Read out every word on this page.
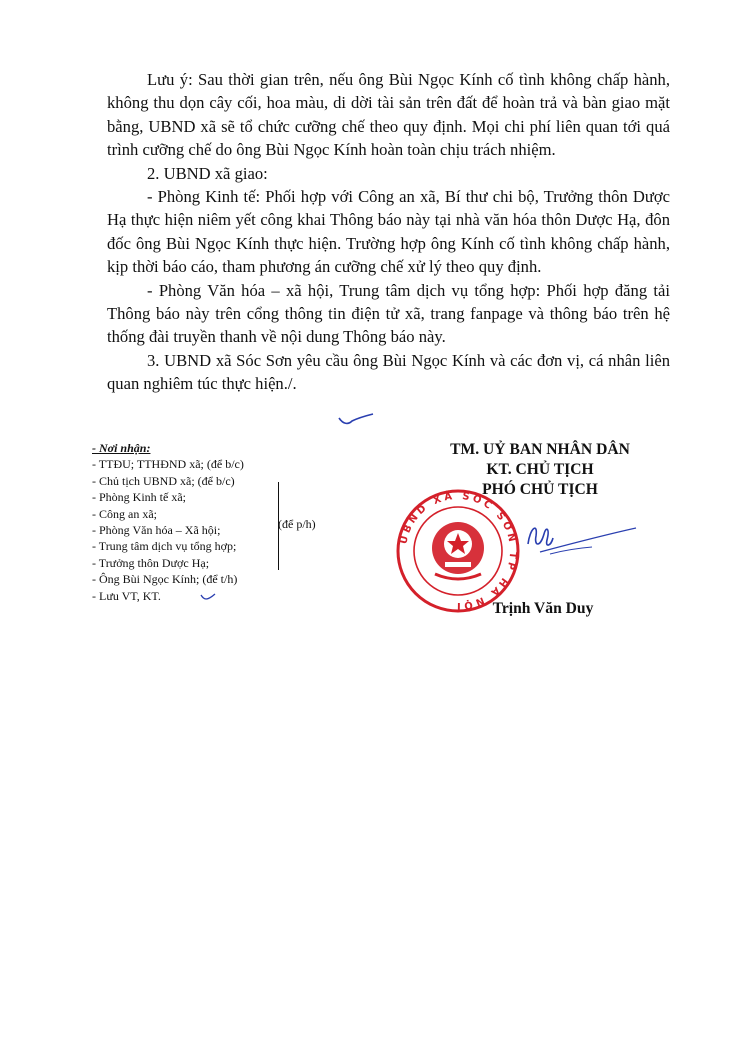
Lưu ý: Sau thời gian trên, nếu ông Bùi Ngọc Kính cố tình không chấp hành, không thu dọn cây cối, hoa màu, di dời tài sản trên đất để hoàn trả và bàn giao mặt bằng, UBND xã sẽ tổ chức cưỡng chế theo quy định. Mọi chi phí liên quan tới quá trình cưỡng chế do ông Bùi Ngọc Kính hoàn toàn chịu trách nhiệm.

2. UBND xã giao:

- Phòng Kinh tế: Phối hợp với Công an xã, Bí thư chi bộ, Trưởng thôn Dược Hạ thực hiện niêm yết công khai Thông báo này tại nhà văn hóa thôn Dược Hạ, đôn đốc ông Bùi Ngọc Kính thực hiện. Trường hợp ông Kính cố tình không chấp hành, kịp thời báo cáo, tham phương án cưỡng chế xử lý theo quy định.

- Phòng Văn hóa – xã hội, Trung tâm dịch vụ tổng hợp: Phối hợp đăng tải Thông báo này trên cổng thông tin điện tử xã, trang fanpage và thông báo trên hệ thống đài truyền thanh về nội dung Thông báo này.

3. UBND xã Sóc Sơn yêu cầu ông Bùi Ngọc Kính và các đơn vị, cá nhân liên quan nghiêm túc thực hiện./.

- Nơi nhận:
- TTĐU; TTHĐND xã; (để b/c)
- Chủ tịch UBND xã; (để b/c)
- Phòng Kinh tế xã;
- Công an xã;
- Phòng Văn hóa – Xã hội;
- Trung tâm dịch vụ tổng hợp;
- Trưởng thôn Dược Hạ;
- Ông Bùi Ngọc Kính; (để t/h)
- Lưu VT, KT.
(để p/h)
TM. UỶ BAN NHÂN DÂN
KT. CHỦ TỊCH
PHÓ CHỦ TỊCH
UBND XÃ SÓC SƠN TP HÀ NỘI	Trịnh Văn Duy
